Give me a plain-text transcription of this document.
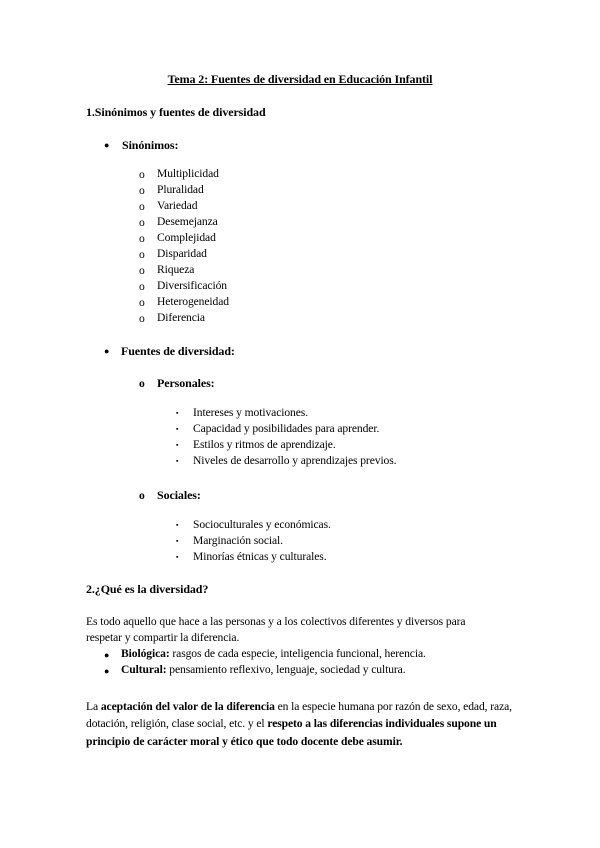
Tema 2: Fuentes de diversidad en Educación Infantil

1.Sinónimos y fuentes de diversidad

● Sinónimos:

o Multiplicidad

o Pluralidad

o Variedad

o Desemejanza

o Complejidad

o Disparidad

o Riqueza

o Diversificación

o Heterogeneidad

o Diferencia

● Fuentes de diversidad:

o Personales:

▪ Intereses y motivaciones.

▪ Capacidad y posibilidades para aprender.

▪ Estilos y ritmos de aprendizaje.

▪ Niveles de desarrollo y aprendizajes previos.

o Sociales:

▪ Socioculturales y económicas.

▪ Marginación social.

▪ Minorías étnicas y culturales.

2.¿Qué es la diversidad?

Es todo aquello que hace a las personas y a los colectivos diferentes y diversos para

respetar y compartir la diferencia.

● Biológica: rasgos de cada especie, inteligencia funcional, herencia.

● Cultural: pensamiento reflexivo, lenguaje, sociedad y cultura.

La aceptación del valor de la diferencia en la especie humana por razón de sexo, edad, raza, dotación, religión, clase social, etc. y el respeto a las diferencias individuales supone un principio de carácter moral y ético que todo docente debe asumir.
